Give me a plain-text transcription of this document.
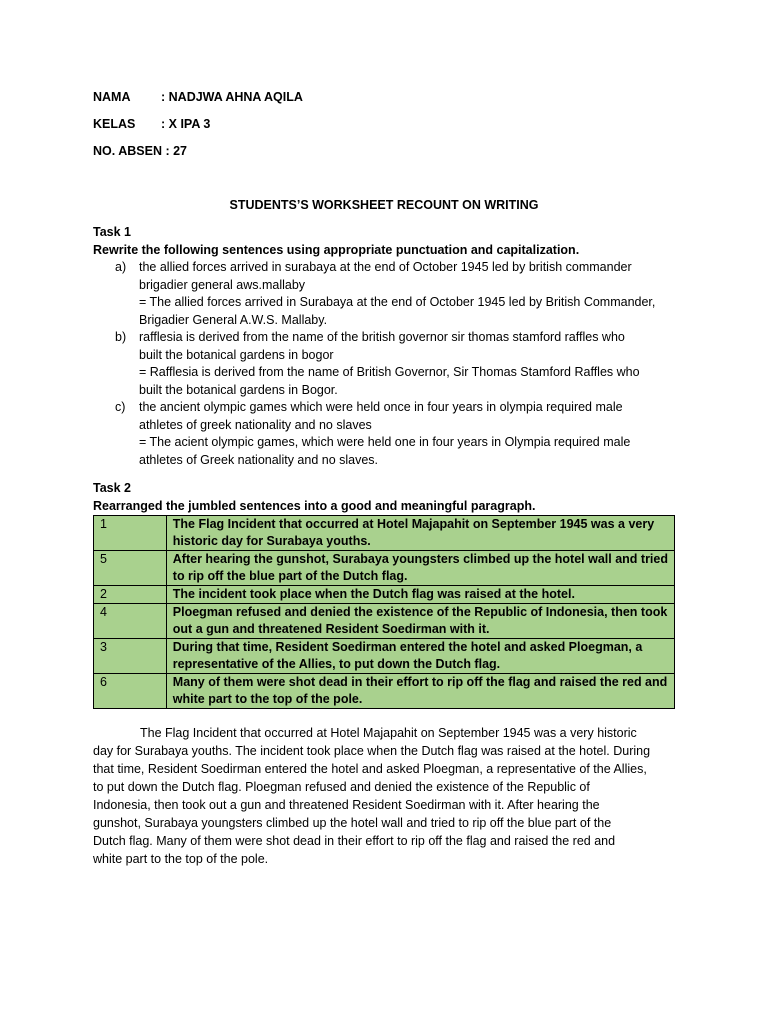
NAMA	: NADJWA AHNA AQILA
KELAS	: X IPA 3
NO. ABSEN : 27
STUDENTS’S WORKSHEET RECOUNT ON WRITING
Task 1
Rewrite the following sentences using appropriate punctuation and capitalization.
a)	the allied forces arrived in surabaya at the end of October 1945 led by british commander
brigadier general aws.mallaby
= The allied forces arrived in Surabaya at the end of October 1945 led by British Commander,
Brigadier General A.W.S. Mallaby.
b)	rafflesia is derived from the name of the british governor sir thomas stamford raffles who
built the botanical gardens in bogor
= Rafflesia is derived from the name of British Governor, Sir Thomas Stamford Raffles who
built the botanical gardens in Bogor.
c)	the ancient olympic games which were held once in four years in olympia required male
athletes of greek nationality and no slaves
= The acient olympic games, which were held one in four years in Olympia required male
athletes of Greek nationality and no slaves.
Task 2
Rearranged the jumbled sentences into a good and meaningful paragraph.
1	The Flag Incident that occurred at Hotel Majapahit on September 1945 was a very
historic day for Surabaya youths.

5	After hearing the gunshot, Surabaya youngsters climbed up the hotel wall and tried
to rip off the blue part of the Dutch flag.

2	The incident took place when the Dutch flag was raised at the hotel.

4	Ploegman refused and denied the existence of the Republic of Indonesia, then took
out a gun and threatened Resident Soedirman with it.

3	During that time, Resident Soedirman entered the hotel and asked Ploegman, a
representative of the Allies, to put down the Dutch flag.

6	Many of them were shot dead in their effort to rip off the flag and raised the red and
white part to the top of the pole.
The Flag Incident that occurred at Hotel Majapahit on September 1945 was a very historic
day for Surabaya youths. The incident took place when the Dutch flag was raised at the hotel. During
that time, Resident Soedirman entered the hotel and asked Ploegman, a representative of the Allies,
to put down the Dutch flag. Ploegman refused and denied the existence of the Republic of
Indonesia, then took out a gun and threatened Resident Soedirman with it. After hearing the
gunshot, Surabaya youngsters climbed up the hotel wall and tried to rip off the blue part of the
Dutch flag. Many of them were shot dead in their effort to rip off the flag and raised the red and
white part to the top of the pole.
